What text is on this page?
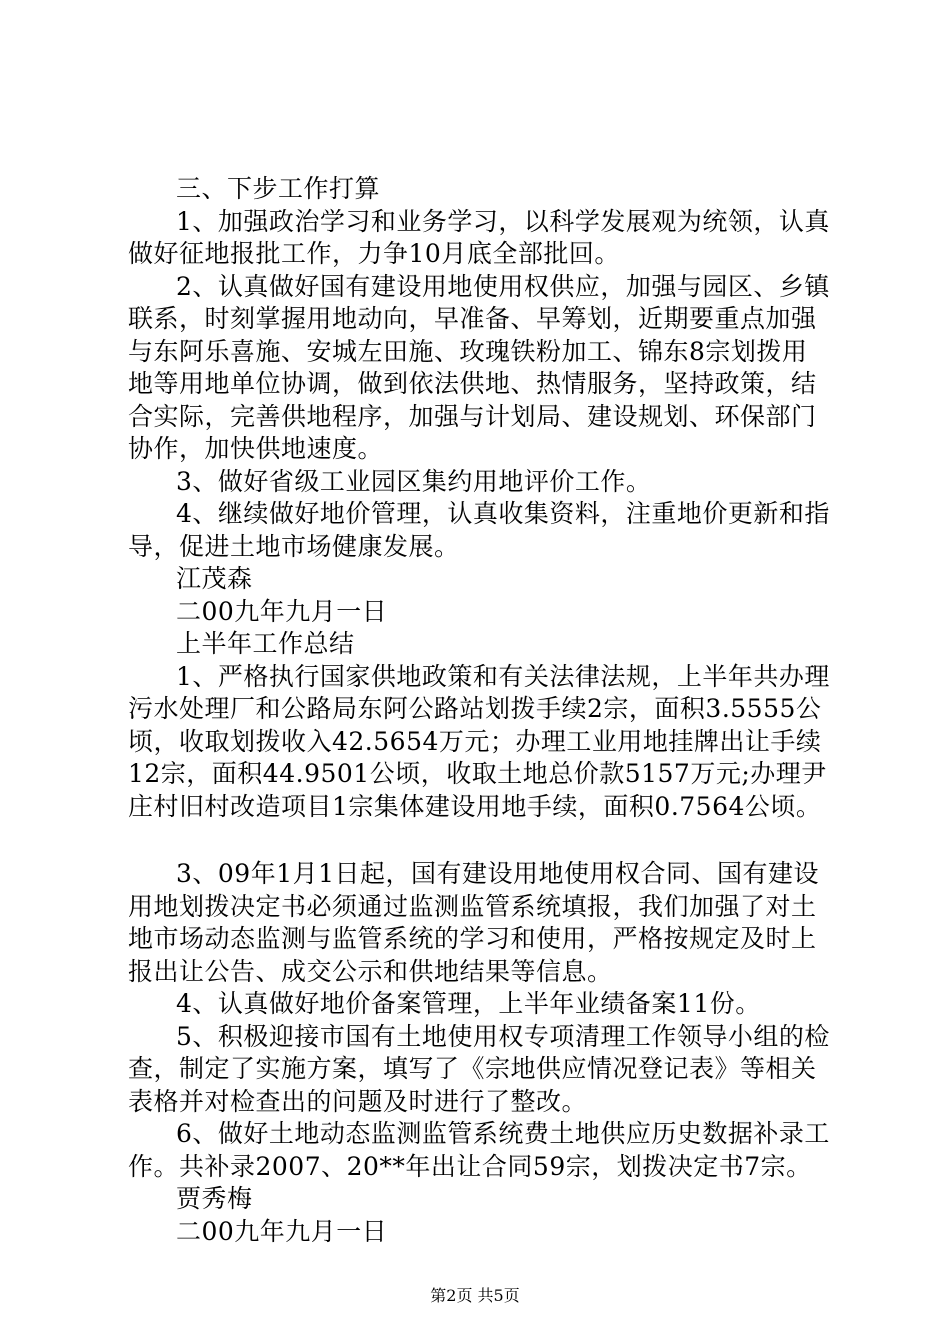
三、下步工作打算
1、加强政治学习和业务学习，以科学发展观为统领，认真
做好征地报批工作，力争10月底全部批回。
2、认真做好国有建设用地使用权供应，加强与园区、乡镇
联系，时刻掌握用地动向，早准备、早筹划，近期要重点加强
与东阿乐喜施、安城左田施、玫瑰铁粉加工、锦东8宗划拨用
地等用地单位协调，做到依法供地、热情服务，坚持政策，结
合实际，完善供地程序，加强与计划局、建设规划、环保部门
协作，加快供地速度。
3、做好省级工业园区集约用地评价工作。
4、继续做好地价管理，认真收集资料，注重地价更新和指
导，促进土地市场健康发展。
江茂森
二00九年九月一日
上半年工作总结
1、严格执行国家供地政策和有关法律法规，上半年共办理
污水处理厂和公路局东阿公路站划拨手续2宗，面积3.5555公
顷，收取划拨收入42.5654万元；办理工业用地挂牌出让手续
12宗，面积44.9501公顷，收取土地总价款5157万元;办理尹
庄村旧村改造项目1宗集体建设用地手续，面积0.7564公顷。
3、09年1月1日起，国有建设用地使用权合同、国有建设
用地划拨决定书必须通过监测监管系统填报，我们加强了对土
地市场动态监测与监管系统的学习和使用，严格按规定及时上
报出让公告、成交公示和供地结果等信息。
4、认真做好地价备案管理，上半年业绩备案11份。
5、积极迎接市国有土地使用权专项清理工作领导小组的检
查，制定了实施方案，填写了《宗地供应情况登记表》等相关
表格并对检查出的问题及时进行了整改。
6、做好土地动态监测监管系统费土地供应历史数据补录工
作。共补录2007、20**年出让合同59宗，划拨决定书7宗。
贾秀梅
二00九年九月一日
第2页 共5页
